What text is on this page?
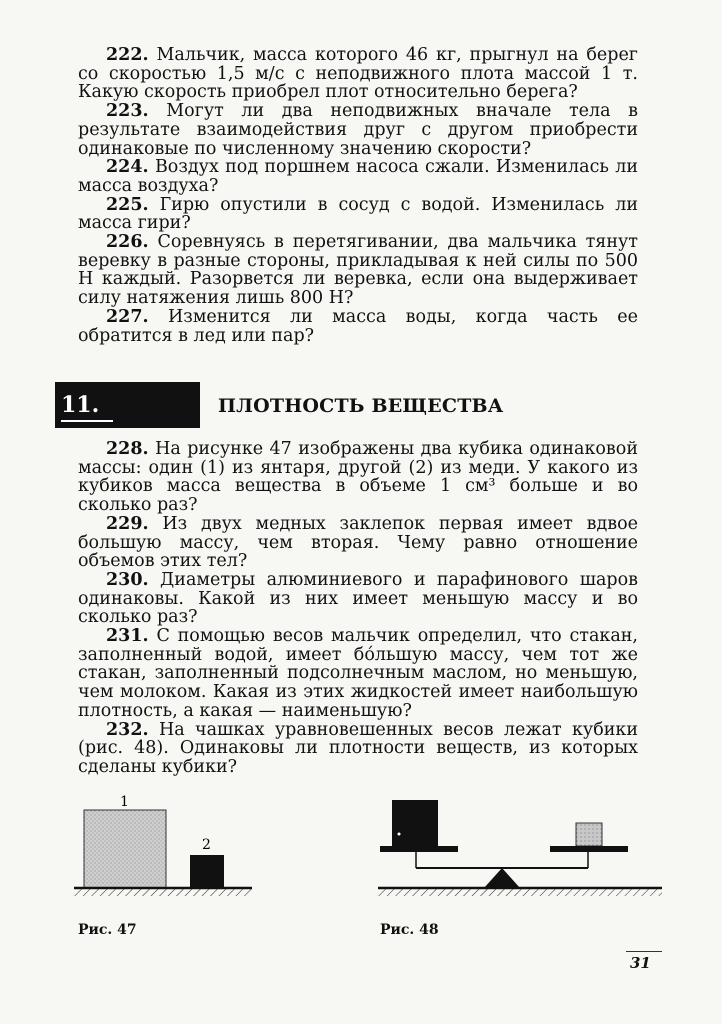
222. Мальчик, масса которого 46 кг, прыгнул на берег со скоростью 1,5 м/с с неподвижного плота массой 1 т. Какую скорость приобрел плот относительно берега?

223. Могут ли два неподвижных вначале тела в результате взаимодействия друг с другом приобрести одинаковые по численному значению скорости?

224. Воздух под поршнем насоса сжали. Изменилась ли масса воздуха?

225. Гирю опустили в сосуд с водой. Изменилась ли масса гири?

226. Соревнуясь в перетягивании, два мальчика тянут веревку в разные стороны, прикладывая к ней силы по 500 Н каждый. Разорвется ли веревка, если она выдерживает силу натяжения лишь 800 Н?

227. Изменится ли масса воды, когда часть ее обратится в лед или пар?

11.	ПЛОТНОСТЬ ВЕЩЕСТВА

228. На рисунке 47 изображены два кубика одинаковой массы: один (1) из янтаря, другой (2) из меди. У какого из кубиков масса вещества в объеме 1 см³ больше и во сколько раз?

229. Из двух медных заклепок первая имеет вдвое большую массу, чем вторая. Чему равно отношение объемов этих тел?

230. Диаметры алюминиевого и парафинового шаров одинаковы. Какой из них имеет меньшую массу и во сколько раз?

231. С помощью весов мальчик определил, что стакан, заполненный водой, имеет бóльшую массу, чем тот же стакан, заполненный подсолнечным маслом, но меньшую, чем молоком. Какая из этих жидкостей имеет наибольшую плотность, а какая — наименьшую?

232. На чашках уравновешенных весов лежат кубики (рис. 48). Одинаковы ли плотности веществ, из которых сделаны кубики?

1
2
Рис. 47	Рис. 48
31
